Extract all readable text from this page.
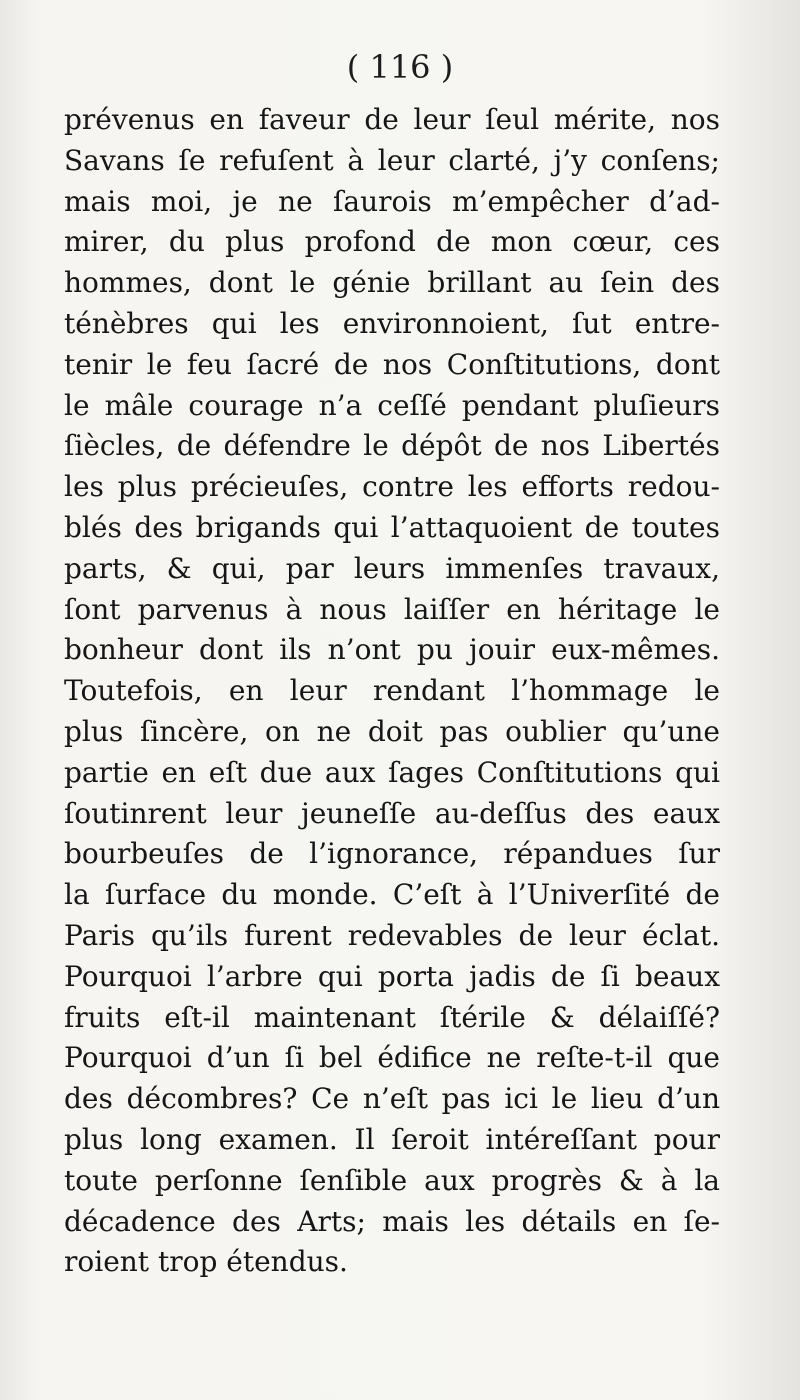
( 116 )

prévenus en faveur de leur ſeul mérite, nos
Savans ſe refuſent à leur clarté, j’y conſens;
mais moi, je ne ſaurois m’empêcher d’ad-
mirer, du plus profond de mon cœur, ces
hommes, dont le génie brillant au ſein des
ténèbres qui les environnoient, ſut entre-
tenir le feu ſacré de nos Conſtitutions, dont
le mâle courage n’a ceſſé pendant pluſieurs
ſiècles, de défendre le dépôt de nos Libertés
les plus précieuſes, contre les efforts redou-
blés des brigands qui l’attaquoient de toutes
parts, & qui, par leurs immenſes travaux,
ſont parvenus à nous laiſſer en héritage le
bonheur dont ils n’ont pu jouir eux-mêmes.
Toutefois, en leur rendant l’hommage le
plus ſincère, on ne doit pas oublier qu’une
partie en eſt due aux ſages Conſtitutions qui
ſoutinrent leur jeuneſſe au-deſſus des eaux
bourbeuſes de l’ignorance, répandues ſur
la ſurface du monde. C’eſt à l’Univerſité de
Paris qu’ils furent redevables de leur éclat.
Pourquoi l’arbre qui porta jadis de ſi beaux
fruits eſt-il maintenant ſtérile & délaiſſé?
Pourquoi d’un ſi bel édifice ne reſte-t-il que
des décombres? Ce n’eſt pas ici le lieu d’un
plus long examen. Il ſeroit intéreſſant pour
toute perſonne ſenſible aux progrès & à la
décadence des Arts; mais les détails en ſe-
roient trop étendus.
